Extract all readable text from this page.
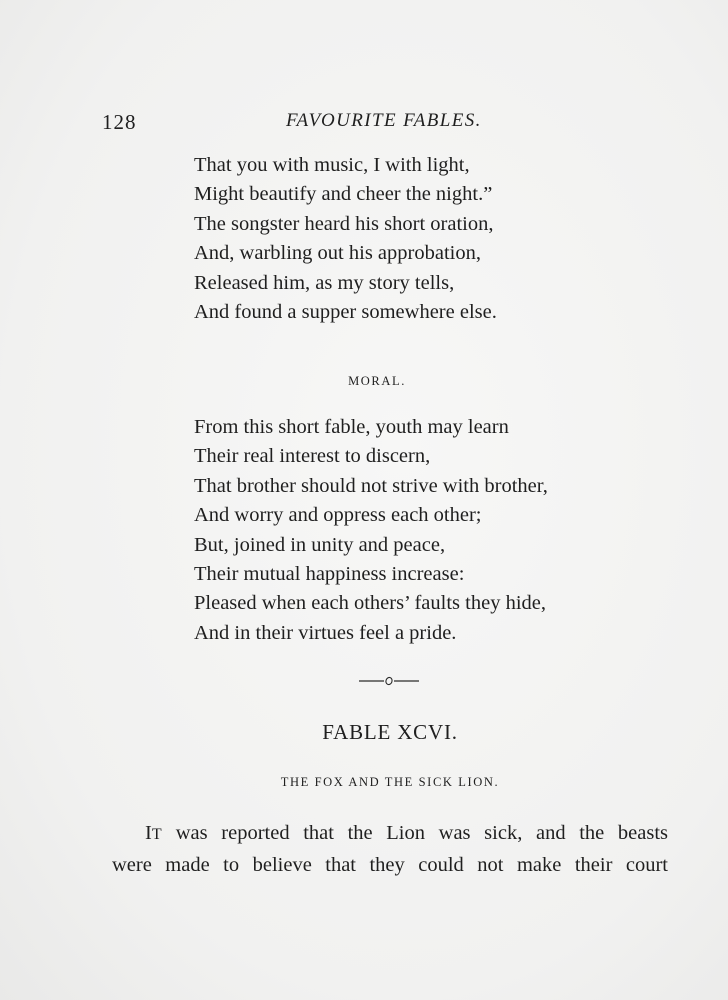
128	FAVOURITE FABLES.
That you with music, I with light,
Might beautify and cheer the night.”
The songster heard his short oration,
And, warbling out his approbation,
Released him, as my story tells,
And found a supper somewhere else.
MORAL.
From this short fable, youth may learn
Their real interest to discern,
That brother should not strive with brother,
And worry and oppress each other;
But, joined in unity and peace,
Their mutual happiness increase:
Pleased when each others’ faults they hide,
And in their virtues feel a pride.
FABLE XCVI.
THE FOX AND THE SICK LION.
IT was reported that the Lion was sick, and the beasts
were made to believe that they could not make their court
